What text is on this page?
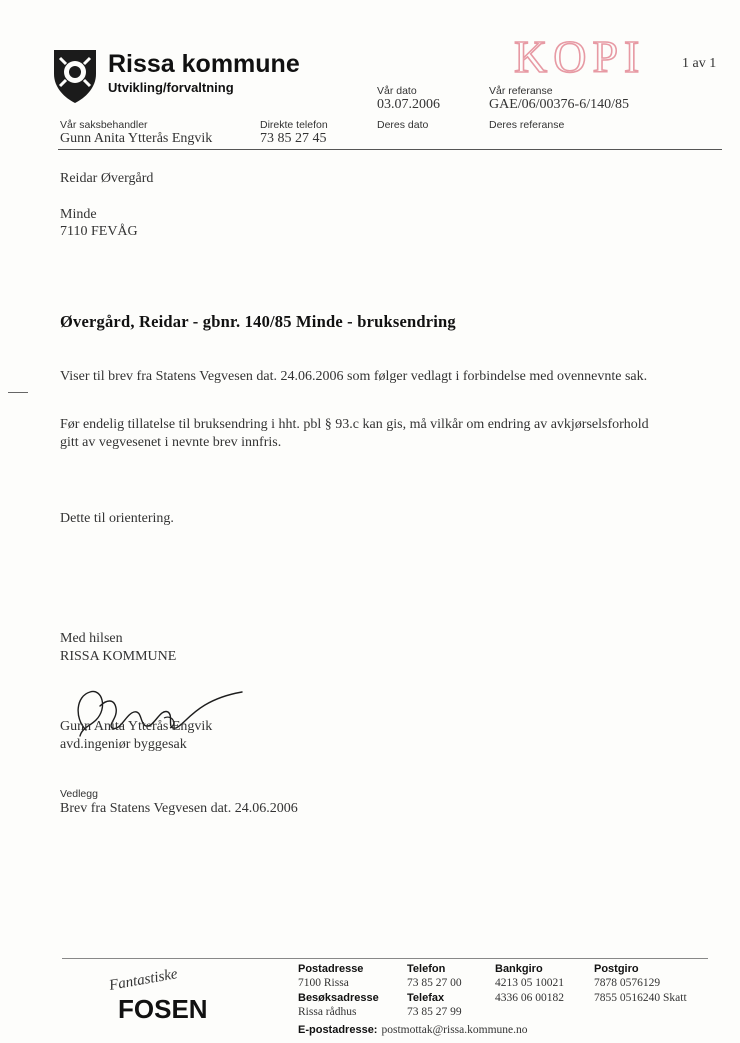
Rissa kommune
Utvikling/forvaltning	Vår dato
03.07.2006
Deres dato
Vår referanse
GAE/06/00376-6/140/85
Deres referanse
Vår saksbehandler
Gunn Anita Ytterås Engvik
Direkte telefon
73 85 27 45
KOPI	1 av 1
Reidar Øvergård
Minde
7110 FEVÅG
Øvergård, Reidar - gbnr. 140/85 Minde - bruksendring
Viser til brev fra Statens Vegvesen dat. 24.06.2006 som følger vedlagt i forbindelse med ovennevnte sak.
Før endelig tillatelse til bruksendring i hht. pbl § 93.c kan gis, må vilkår om endring av avkjørselsforhold
gitt av vegvesenet i nevnte brev innfris.
Dette til orientering.
Med hilsen
RISSA KOMMUNE
Gunn Anita Ytterås Engvik
avd.ingeniør byggesak
Vedlegg
Brev fra Statens Vegvesen dat. 24.06.2006
Fantastiske
FOSEN
Postadresse
7100 Rissa
Besøksadresse
Rissa rådhus
E-postadresse: postmottak@rissa.kommune.no
Telefon
73 85 27 00
Telefax
73 85 27 99
Bankgiro
4213 05 10021
4336 06 00182
Postgiro
7878 0576129
7855 0516240 Skatt
